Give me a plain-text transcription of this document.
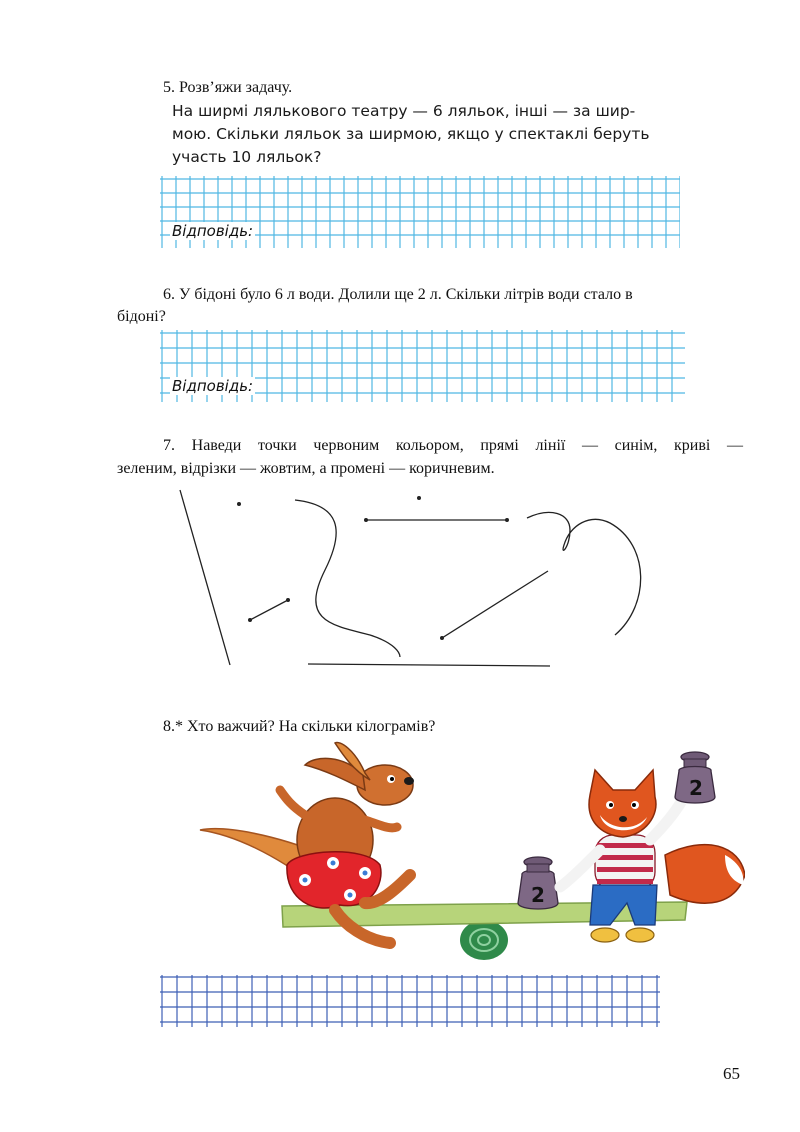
5. Розв’яжи задачу.
На ширмі лялькового театру — 6 ляльок, інші — за шир-
мою. Скільки ляльок за ширмою, якщо у спектаклі беруть
участь 10 ляльок?
Відповідь:
6. У бідоні було 6 л води. Долили ще 2 л. Скільки літрів води стало в
бідоні?
Відповідь:
7. Наведи точки червоним кольором, прямі лінії — синім, криві —
зеленим, відрізки — жовтим, а промені — коричневим.
8.* Хто важчий? На скільки кілограмів?
2
2
65
